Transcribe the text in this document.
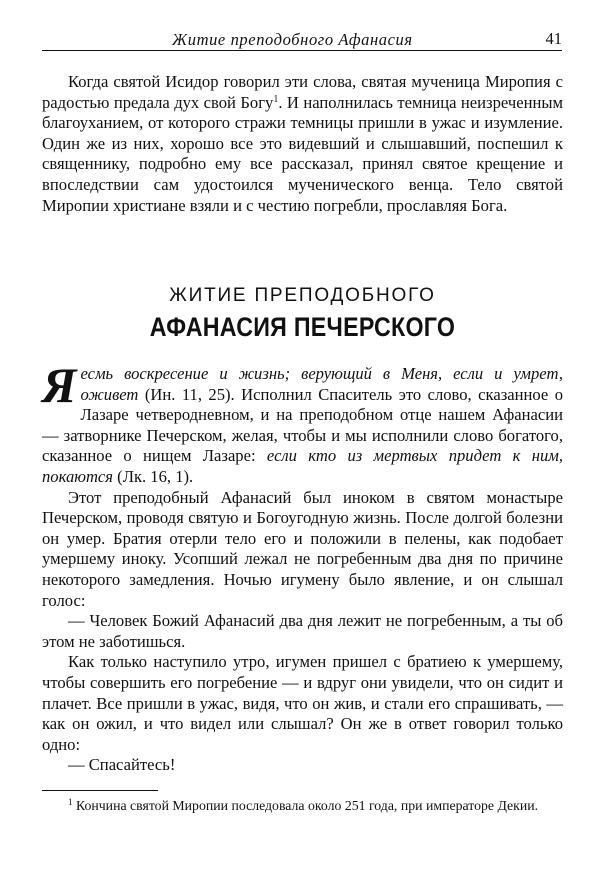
Житие преподобного Афанасия	41

Когда святой Исидор говорил эти слова, святая мученица Миропия с радостью предала дух свой Богу$^1$. И наполнилась темница неизреченным благоуханием, от которого стражи темницы пришли в ужас и изумление. Один же из них, хорошо все это видевший и слышавший, поспешил к священнику, подробно ему все рассказал, принял святое крещение и впоследствии сам удостоился мученического венца. Тело святой Миропии христиане взяли и с честию погребли, прославляя Бога.

ЖИТИЕ ПРЕПОДОБНОГО
АФАНАСИЯ ПЕЧЕРСКОГО

Яесмь воскресение и жизнь; верующий в Меня, если и умрет, оживет (Ин. 11, 25). Исполнил Спаситель это слово, сказанное о Лазаре четверодневном, и на преподобном отце нашем Афанасии — затворнике Печерском, желая, чтобы и мы исполнили слово богатого, сказанное о нищем Лазаре: если кто из мертвых придет к ним, покаются (Лк. 16, 1).

Этот преподобный Афанасий был иноком в святом монастыре Печерском, проводя святую и Богоугодную жизнь. После долгой болезни он умер. Братия отерли тело его и положили в пелены, как подобает умершему иноку. Усопший лежал не погребенным два дня по причине некоторого замедления. Ночью игумену было явление, и он слышал голос:

— Человек Божий Афанасий два дня лежит не погребенным, а ты об этом не заботишься.

Как только наступило утро, игумен пришел с братиею к умершему, чтобы совершить его погребение — и вдруг они увидели, что он сидит и плачет. Все пришли в ужас, видя, что он жив, и стали его спрашивать, — как он ожил, и что видел или слышал? Он же в ответ говорил только одно:

— Спасайтесь!

$^1$ Кончина святой Миропии последовала около 251 года, при императоре Декии.
